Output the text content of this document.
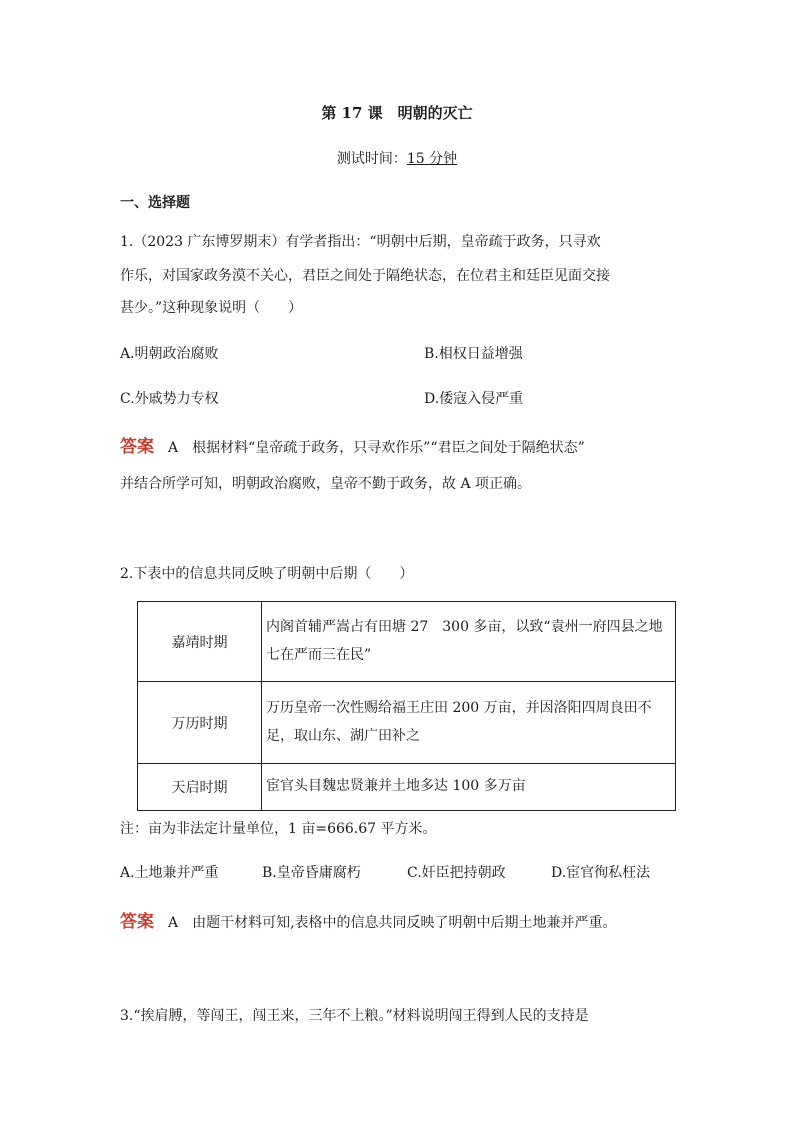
第 17 课　明朝的灭亡
测试时间：15 分钟
一、选择题
1.（2023 广东博罗期末）有学者指出：“明朝中后期，皇帝疏于政务，只寻欢
作乐，对国家政务漠不关心，君臣之间处于隔绝状态，在位君主和廷臣见面交接
甚少。”这种现象说明（　　）
A.明朝政治腐败	B.相权日益增强
C.外戚势力专权	D.倭寇入侵严重
答案 A　根据材料“皇帝疏于政务，只寻欢作乐”“君臣之间处于隔绝状态”
并结合所学可知，明朝政治腐败，皇帝不勤于政务，故 A 项正确。
2.下表中的信息共同反映了明朝中后期（　　）
嘉靖时期	内阁首辅严嵩占有田塘 27　300 多亩，以致“袁州一府四县之地七在严而三在民”
万历时期	万历皇帝一次性赐给福王庄田 200 万亩，并因洛阳四周良田不足，取山东、湖广田补之
天启时期	宦官头目魏忠贤兼并土地多达 100 多万亩
注：亩为非法定计量单位，1 亩=666.67 平方米。
A.土地兼并严重	B.皇帝昏庸腐朽	C.奸臣把持朝政	D.宦官徇私枉法
答案 A　由题干材料可知,表格中的信息共同反映了明朝中后期土地兼并严重。
3.“挨肩膊，等闯王，闯王来，三年不上粮。”材料说明闯王得到人民的支持是
